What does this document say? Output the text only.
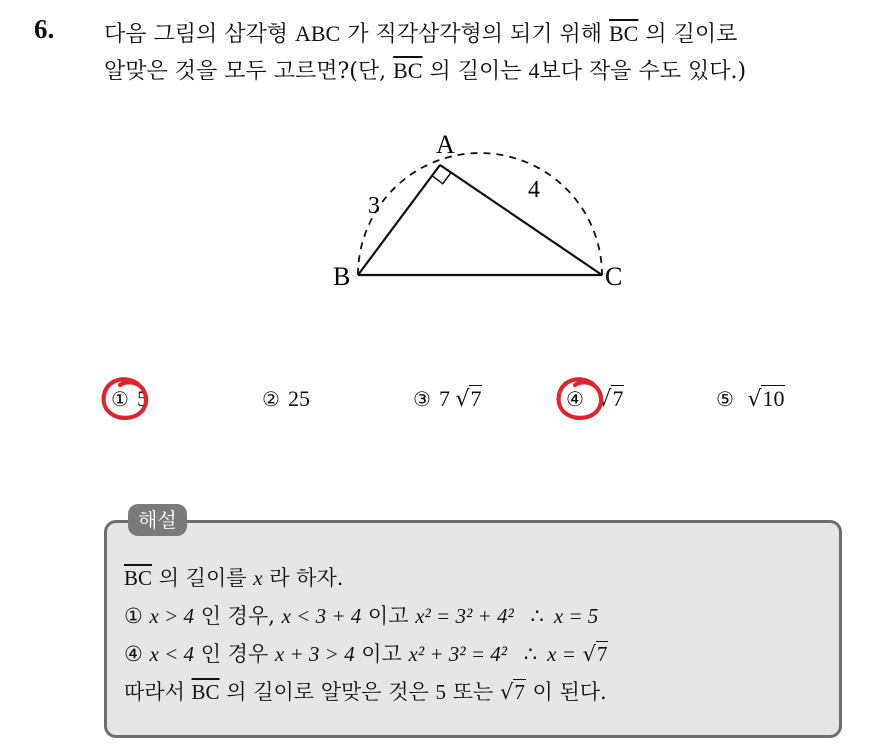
6. 다음 그림의 삼각형 ABC 가 직각삼각형의 되기 위해 $\overline{BC}$ 의 길이로
알맞은 것을 모두 고르면?(단, $\overline{BC}$ 의 길이는 4보다 작을 수도 있다.)
A
B	C
3
4
① 5	② 25	③ 7 √7	④ √7	⑤ √10
해설
$\overline{BC}$ 의 길이를 x 라 하자.
① x > 4 인 경우, x < 3 + 4 이고 x² = 3² + 4² ∴ x = 5
④ x < 4 인 경우 x + 3 > 4 이고 x² + 3² = 4² ∴ x = √7
따라서 $\overline{BC}$ 의 길이로 알맞은 것은 5 또는 √7 이 된다.
